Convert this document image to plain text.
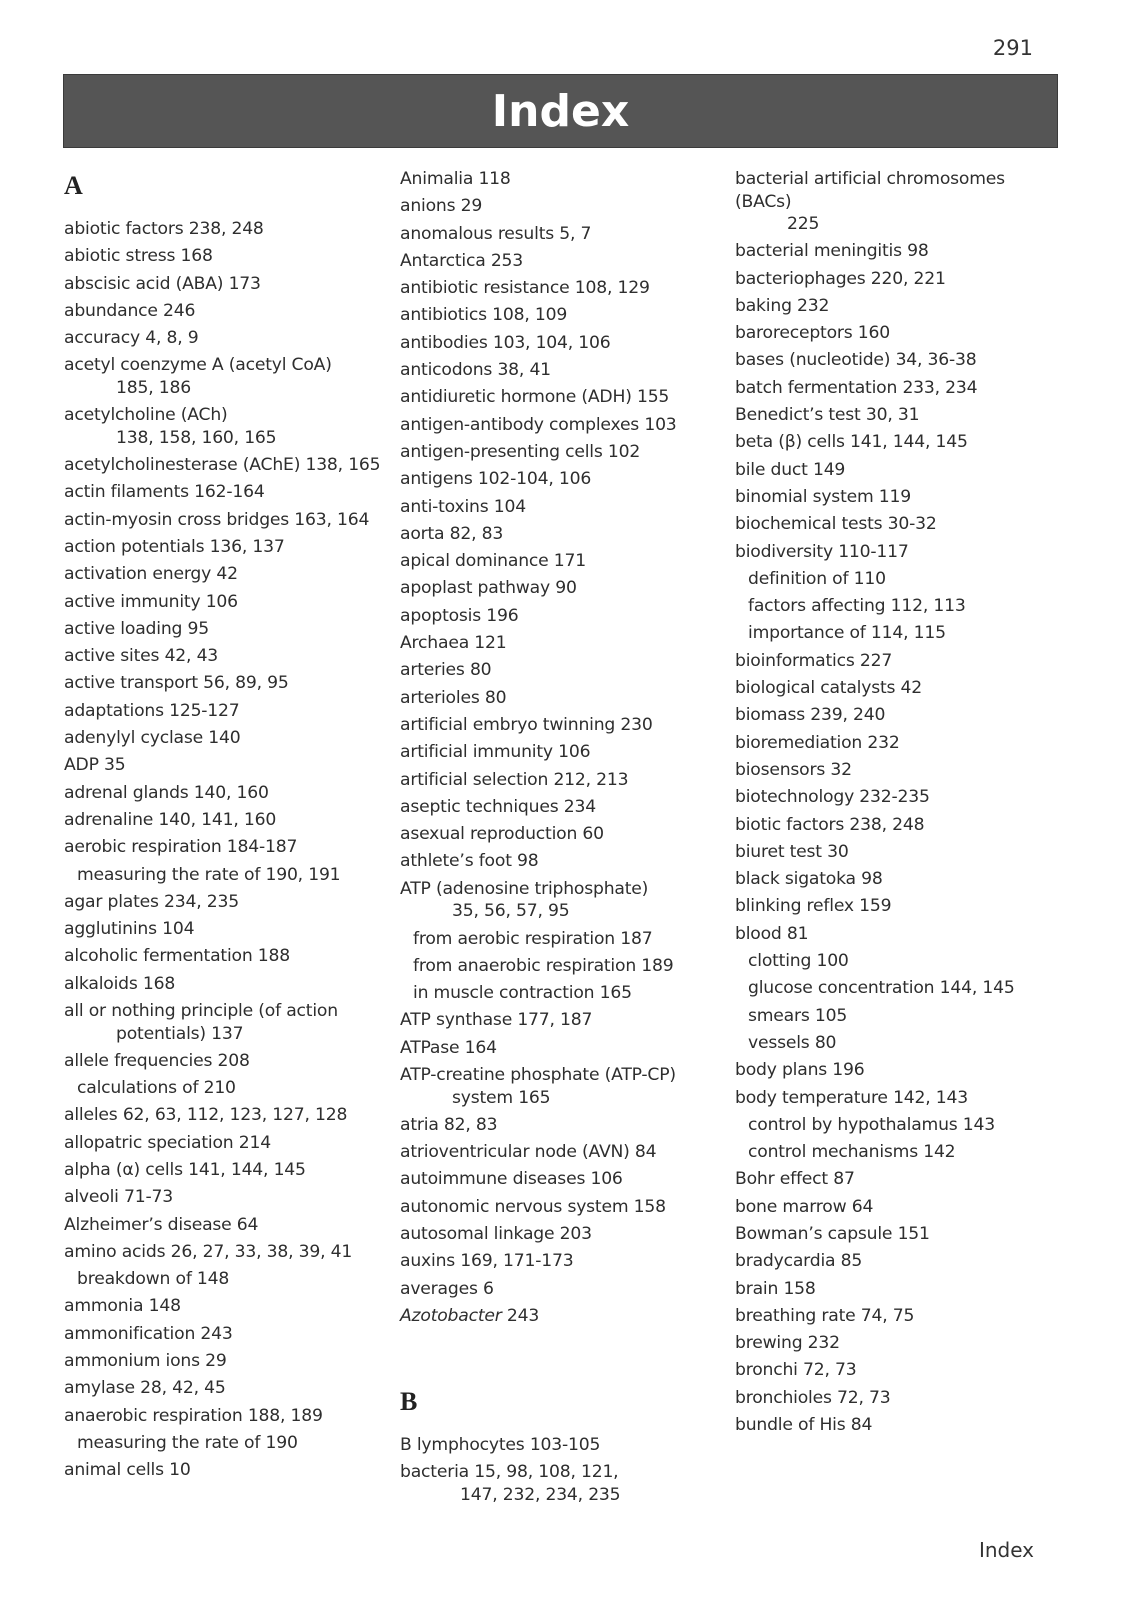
291
Index
A
abiotic factors 238, 248
abiotic stress 168
abscisic acid (ABA) 173
abundance 246
accuracy 4, 8, 9
acetyl coenzyme A (acetyl CoA)
185, 186
acetylcholine (ACh)
138, 158, 160, 165
acetylcholinesterase (AChE) 138, 165
actin filaments 162-164
actin-myosin cross bridges 163, 164
action potentials 136, 137
activation energy 42
active immunity 106
active loading 95
active sites 42, 43
active transport 56, 89, 95
adaptations 125-127
adenylyl cyclase 140
ADP 35
adrenal glands 140, 160
adrenaline 140, 141, 160
aerobic respiration 184-187
measuring the rate of 190, 191
agar plates 234, 235
agglutinins 104
alcoholic fermentation 188
alkaloids 168
all or nothing principle (of action
potentials) 137
allele frequencies 208
calculations of 210
alleles 62, 63, 112, 123, 127, 128
allopatric speciation 214
alpha (α) cells 141, 144, 145
alveoli 71-73
Alzheimer’s disease 64
amino acids 26, 27, 33, 38, 39, 41
breakdown of 148
ammonia 148
ammonification 243
ammonium ions 29
amylase 28, 42, 45
anaerobic respiration 188, 189
measuring the rate of 190
animal cells 10
Animalia 118
anions 29
anomalous results 5, 7
Antarctica 253
antibiotic resistance 108, 129
antibiotics 108, 109
antibodies 103, 104, 106
anticodons 38, 41
antidiuretic hormone (ADH) 155
antigen-antibody complexes 103
antigen-presenting cells 102
antigens 102-104, 106
anti-toxins 104
aorta 82, 83
apical dominance 171
apoplast pathway 90
apoptosis 196
Archaea 121
arteries 80
arterioles 80
artificial embryo twinning 230
artificial immunity 106
artificial selection 212, 213
aseptic techniques 234
asexual reproduction 60
athlete’s foot 98
ATP (adenosine triphosphate)
35, 56, 57, 95
from aerobic respiration 187
from anaerobic respiration 189
in muscle contraction 165
ATP synthase 177, 187
ATPase 164
ATP-creatine phosphate (ATP-CP)
system 165
atria 82, 83
atrioventricular node (AVN) 84
autoimmune diseases 106
autonomic nervous system 158
autosomal linkage 203
auxins 169, 171-173
averages 6
Azotobacter 243
B
B lymphocytes 103-105
bacteria 15, 98, 108, 121,
147, 232, 234, 235
bacterial artificial chromosomes (BACs)
225
bacterial meningitis 98
bacteriophages 220, 221
baking 232
baroreceptors 160
bases (nucleotide) 34, 36-38
batch fermentation 233, 234
Benedict’s test 30, 31
beta (β) cells 141, 144, 145
bile duct 149
binomial system 119
biochemical tests 30-32
biodiversity 110-117
definition of 110
factors affecting 112, 113
importance of 114, 115
bioinformatics 227
biological catalysts 42
biomass 239, 240
bioremediation 232
biosensors 32
biotechnology 232-235
biotic factors 238, 248
biuret test 30
black sigatoka 98
blinking reflex 159
blood 81
clotting 100
glucose concentration 144, 145
smears 105
vessels 80
body plans 196
body temperature 142, 143
control by hypothalamus 143
control mechanisms 142
Bohr effect 87
bone marrow 64
Bowman’s capsule 151
bradycardia 85
brain 158
breathing rate 74, 75
brewing 232
bronchi 72, 73
bronchioles 72, 73
bundle of His 84
Index
